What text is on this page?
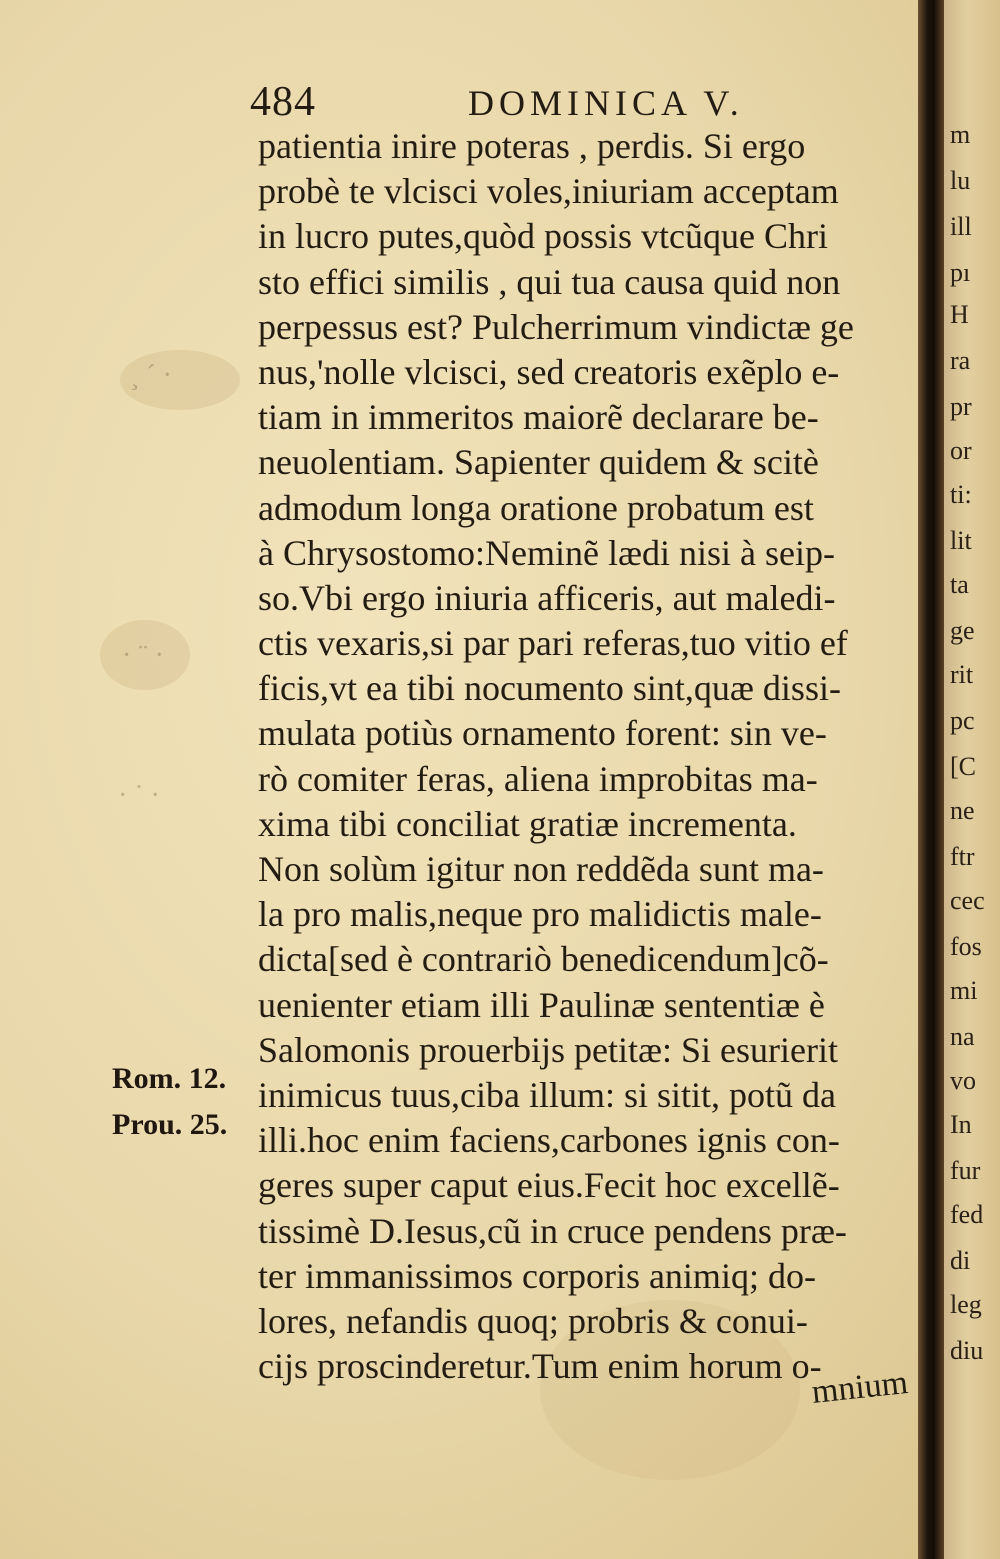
¸ ´ ·
· ¨ ·
· ˙ ·
484	DOMINICA V.
patientia inire poteras , perdis. Si ergo
probè te vlcisci voles,iniuriam acceptam
in lucro putes,quòd possis vtcũque Chri
sto effici similis , qui tua causa quid non
perpessus est? Pulcherrimum vindictæ ge
nus,'nolle vlcisci, sed creatoris exẽplo e-
tiam in immeritos maiorẽ declarare be-
neuolentiam. Sapienter quidem & scitè
admodum longa oratione probatum est
à Chrysostomo:Neminẽ lædi nisi à seip-
so.Vbi ergo iniuria afficeris, aut maledi-
ctis vexaris,si par pari referas,tuo vitio ef
ficis,vt ea tibi nocumento sint,quæ dissi-
mulata potiùs ornamento forent: sin ve-
rò comiter feras, aliena improbitas ma-
xima tibi conciliat gratiæ incrementa.
Non solùm igitur non reddẽda sunt ma-
la pro malis,neque pro malidictis male-
dicta[sed è contrariò benedicendum]cõ-
uenienter etiam illi Paulinæ sententiæ è
Salomonis prouerbijs petitæ: Si esurierit
inimicus tuus,ciba illum: si sitit, potũ da
illi.hoc enim faciens,carbones ignis con-
geres super caput eius.Fecit hoc excellẽ-
tissimè D.Iesus,cũ in cruce pendens præ-
ter immanissimos corporis animiq; do-
lores, nefandis quoq; probris & conui-
cijs proscinderetur.Tum enim horum o-
mnium
Rom. 12.
Prou. 25.
m
lu
ill
pı
H
ra
pr
or
ti:
lit
ta
ge
rit
pc
[C
ne
ftr
cec
fos
mi
na
vo
In
fur
fed
di
leg
diu
